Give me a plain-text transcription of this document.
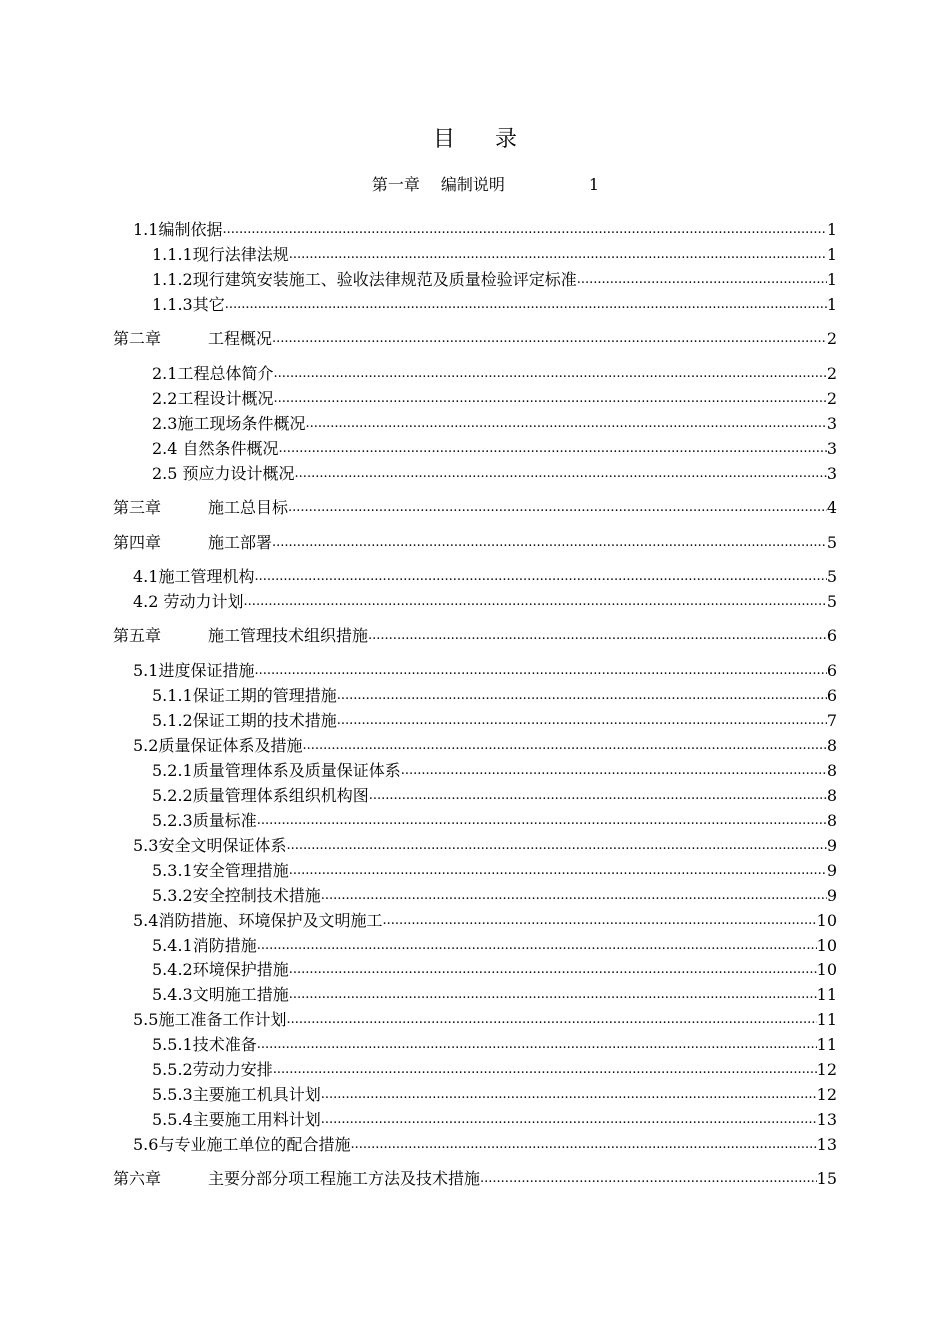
目 录
第一章 编制说明	1
1.1编制依据 .....	1
1.1.1现行法律法规 .....	1
1.1.2现行建筑安装施工、验收法律规范及质量检验评定标准 .....	1
1.1.3其它 .....	1
第二章	工程概况 .....	2
2.1工程总体简介 .....	2
2.2工程设计概况 .....	2
2.3施工现场条件概况 .....	3
2.4 自然条件概况 .....	3
2.5 预应力设计概况 .....	3
第三章	施工总目标 .....	4
第四章	施工部署 .....	5
4.1施工管理机构 .....	5
4.2 劳动力计划 .....	5
第五章	施工管理技术组织措施 .....	6
5.1进度保证措施 .....	6
5.1.1保证工期的管理措施 .....	6
5.1.2保证工期的技术措施 .....	7
5.2质量保证体系及措施 .....	8
5.2.1质量管理体系及质量保证体系 .....	8
5.2.2质量管理体系组织机构图 .....	8
5.2.3质量标准 .....	8
5.3安全文明保证体系 .....	9
5.3.1安全管理措施 .....	9
5.3.2安全控制技术措施 .....	9
5.4消防措施、环境保护及文明施工 .....	10
5.4.1消防措施 .....	10
5.4.2环境保护措施 .....	10
5.4.3文明施工措施 .....	11
5.5施工准备工作计划 .....	11
5.5.1技术准备 .....	11
5.5.2劳动力安排 .....	12
5.5.3主要施工机具计划 .....	12
5.5.4主要施工用料计划 .....	13
5.6与专业施工单位的配合措施 .....	13
第六章	主要分部分项工程施工方法及技术措施 .....	15
